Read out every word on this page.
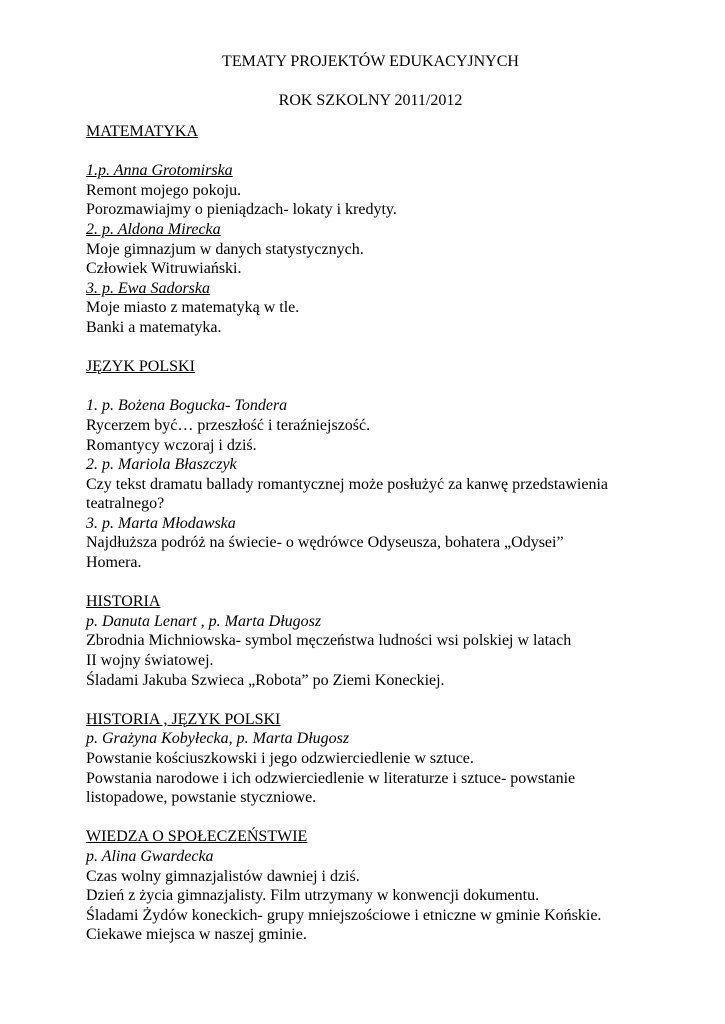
TEMATY PROJEKTÓW EDUKACYJNYCH
ROK SZKOLNY 2011/2012
MATEMATYKA
1.p. Anna Grotomirska
Remont mojego pokoju.
Porozmawiajmy o pieniądzach- lokaty i kredyty.
2. p. Aldona Mirecka
Moje gimnazjum w danych statystycznych.
Człowiek Witruwiański.
3. p. Ewa Sadorska
Moje miasto z matematyką w tle.
Banki a matematyka.
JĘZYK POLSKI
1. p. Bożena Bogucka- Tondera
Rycerzem być… przeszłość i teraźniejszość.
Romantycy wczoraj i dziś.
2. p. Mariola Błaszczyk
Czy tekst dramatu ballady romantycznej może posłużyć za kanwę przedstawienia
teatralnego?
3. p. Marta Młodawska
Najdłuższa podróż na świecie- o wędrówce Odyseusza, bohatera „Odysei”
Homera.
HISTORIA
p. Danuta Lenart , p. Marta Długosz
Zbrodnia Michniowska- symbol męczeństwa ludności wsi polskiej w latach
II wojny światowej.
Śladami Jakuba Szwieca „Robota” po Ziemi Koneckiej.
HISTORIA , JĘZYK POLSKI
p. Grażyna Kobyłecka, p. Marta Długosz
Powstanie kościuszkowski i jego odzwierciedlenie w sztuce.
Powstania narodowe i ich odzwierciedlenie w literaturze i sztuce- powstanie
listopadowe, powstanie styczniowe.
WIEDZA O SPOŁECZEŃSTWIE
p. Alina Gwardecka
Czas wolny gimnazjalistów dawniej i dziś.
Dzień z życia gimnazjalisty. Film utrzymany w konwencji dokumentu.
Śladami Żydów koneckich- grupy mniejszościowe i etniczne w gminie Końskie.
Ciekawe miejsca w naszej gminie.
